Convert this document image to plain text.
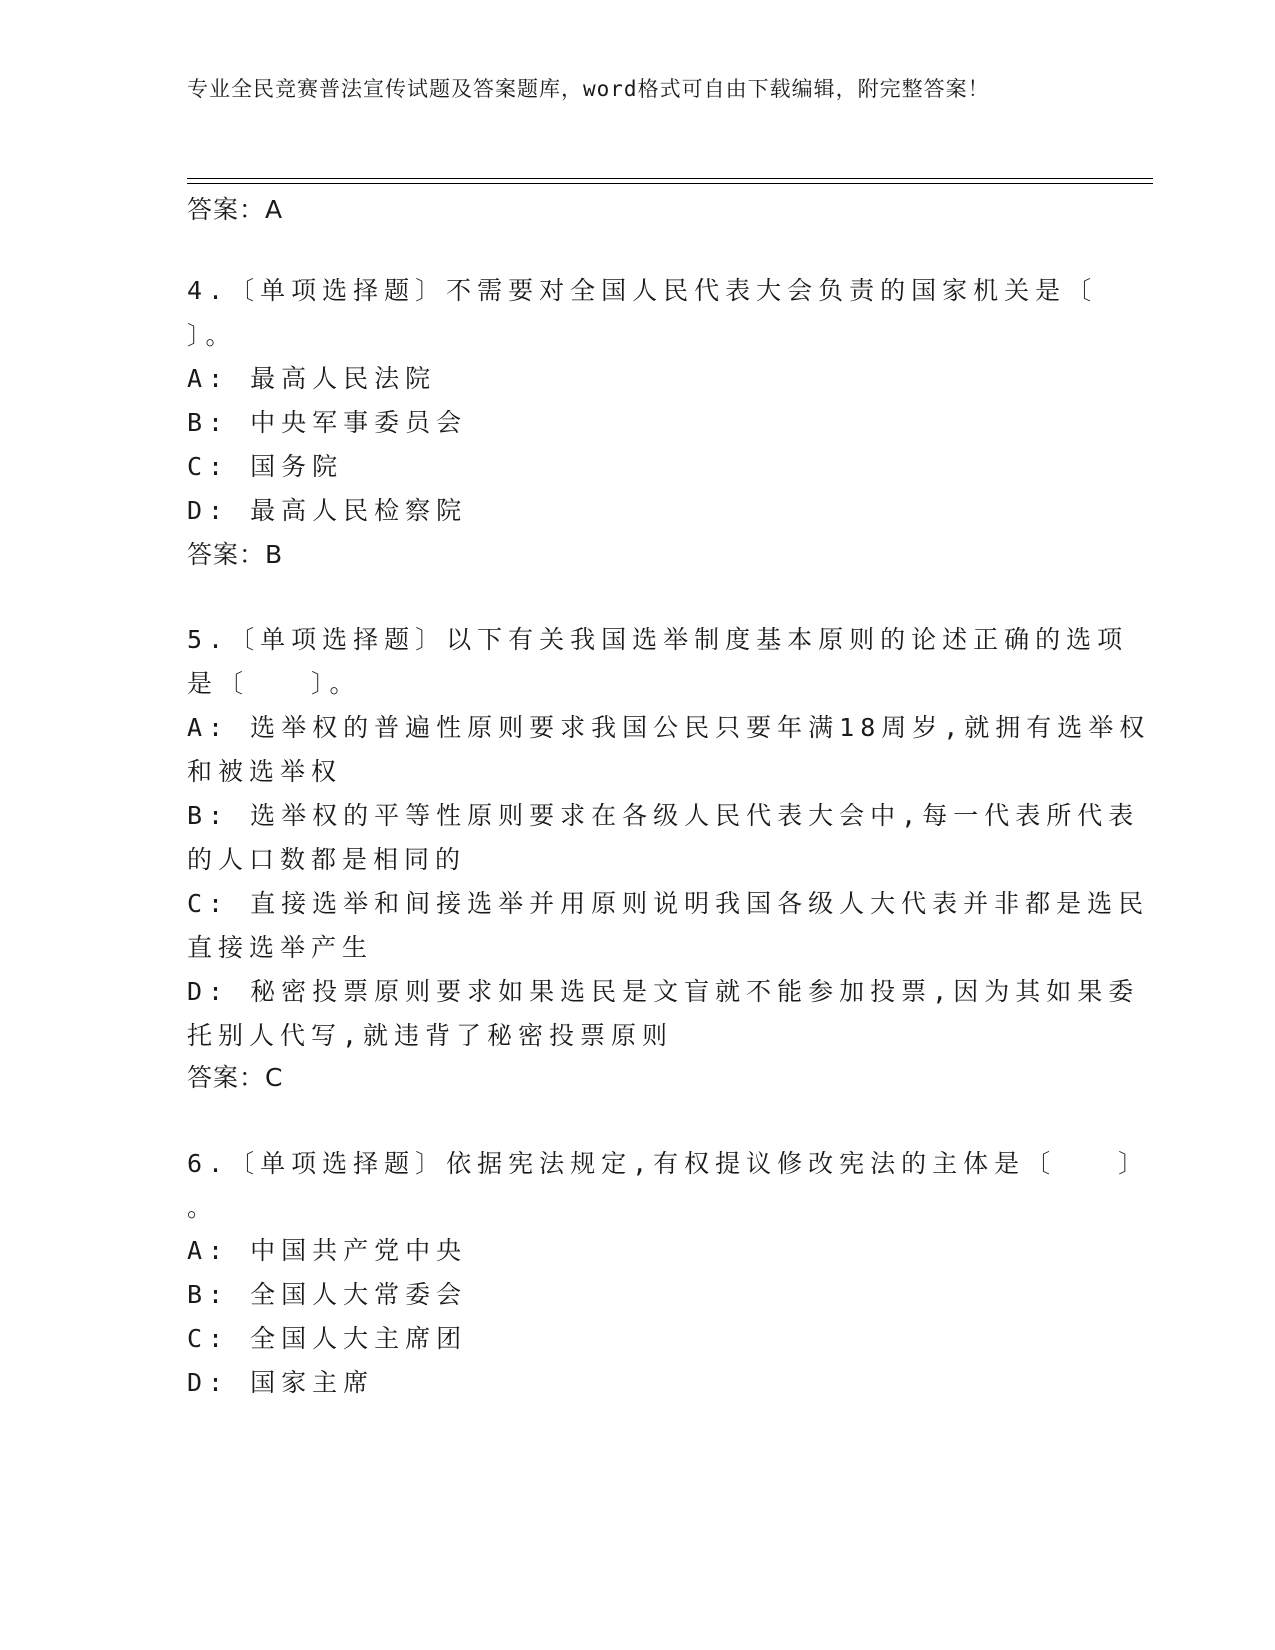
专业全民竞赛普法宣传试题及答案题库，word格式可自由下载编辑，附完整答案！
答案：A
4.〔单项选择题〕不需要对全国人民代表大会负责的国家机关是〔
〕。
A: 最高人民法院
B: 中央军事委员会
C: 国务院
D: 最高人民检察院
答案：B
5.〔单项选择题〕以下有关我国选举制度基本原则的论述正确的选项
是〔　　〕。
A: 选举权的普遍性原则要求我国公民只要年满18周岁,就拥有选举权
和被选举权
B: 选举权的平等性原则要求在各级人民代表大会中,每一代表所代表
的人口数都是相同的
C: 直接选举和间接选举并用原则说明我国各级人大代表并非都是选民
直接选举产生
D: 秘密投票原则要求如果选民是文盲就不能参加投票,因为其如果委
托别人代写,就违背了秘密投票原则
答案：C
6.〔单项选择题〕依据宪法规定,有权提议修改宪法的主体是〔　　〕
。
A: 中国共产党中央
B: 全国人大常委会
C: 全国人大主席团
D: 国家主席
